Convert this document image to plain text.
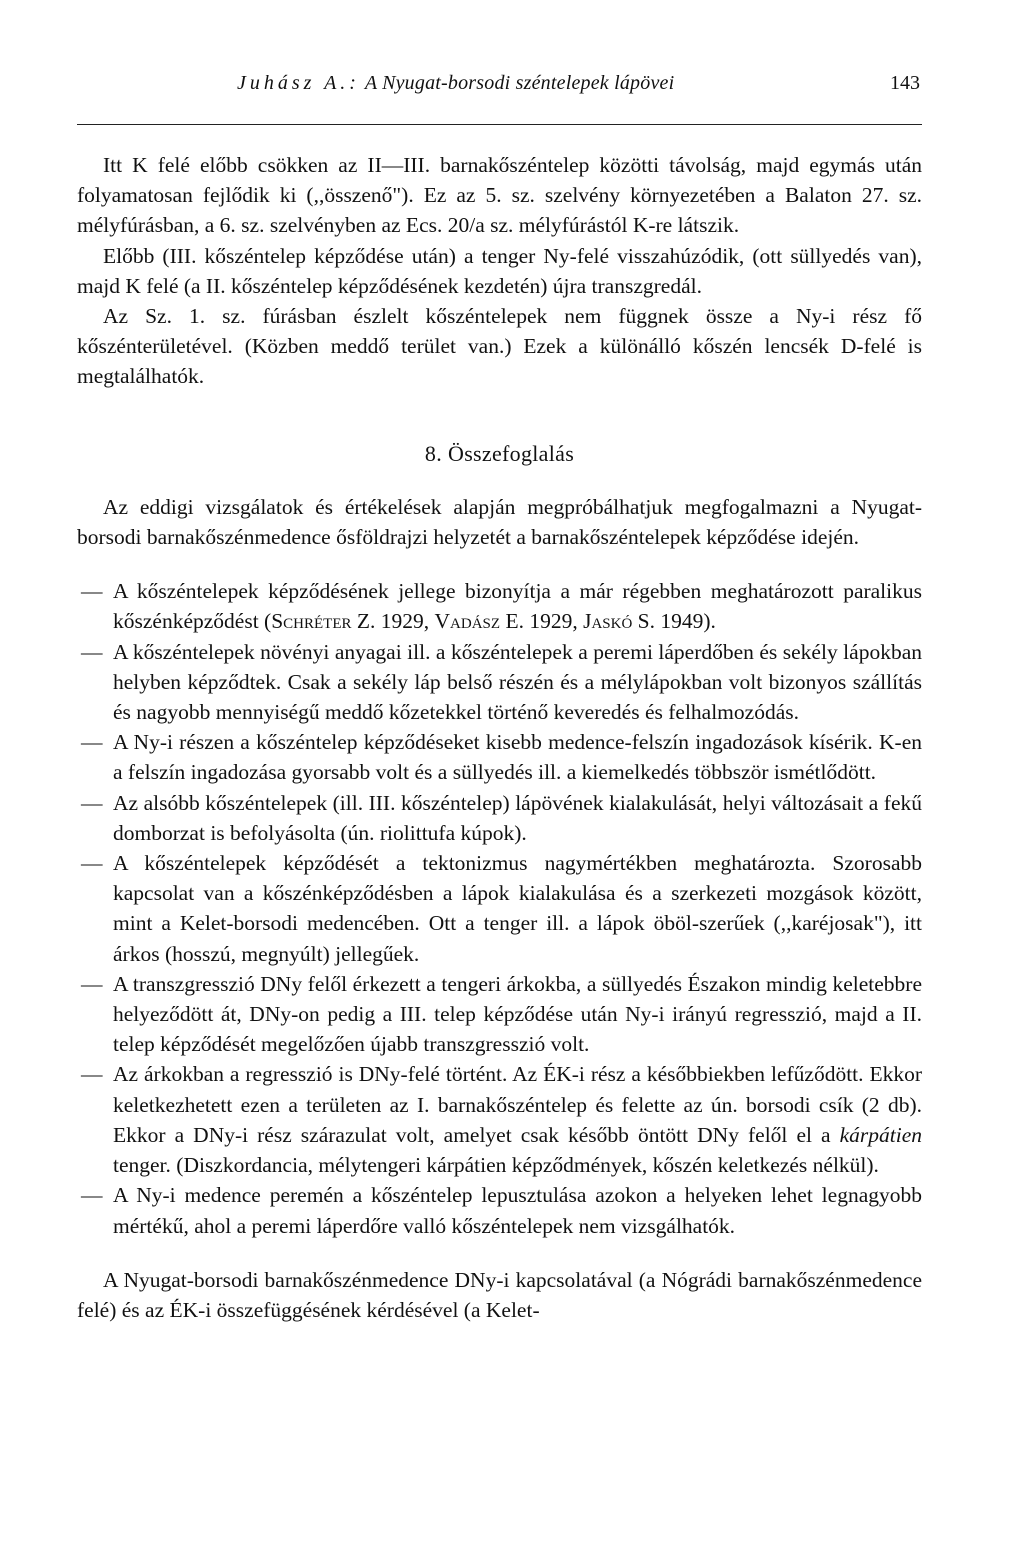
Juhász A.: A Nyugat-borsodi széntelepek lápövei	143

Itt K felé előbb csökken az II—III. barnakőszéntelep közötti távolság, majd egymás után folyamatosan fejlődik ki (,,összenő"). Ez az 5. sz. szelvény környezetében a Balaton 27. sz. mélyfúrásban, a 6. sz. szelvényben az Ecs. 20/a sz. mélyfúrástól K-re látszik.

Előbb (III. kőszéntelep képződése után) a tenger Ny-felé visszahúzódik, (ott süllyedés van), majd K felé (a II. kőszéntelep képződésének kezdetén) újra transzgredál.

Az Sz. 1. sz. fúrásban észlelt kőszéntelepek nem függnek össze a Ny-i rész fő kőszénterületével. (Közben meddő terület van.) Ezek a különálló kőszén lencsék D-felé is megtalálhatók.

8. Összefoglalás

Az eddigi vizsgálatok és értékelések alapján megpróbálhatjuk megfogalmazni a Nyugat-borsodi barnakőszénmedence ősföldrajzi helyzetét a barnakőszéntelepek képződése idején.

— A kőszéntelepek képződésének jellege bizonyítja a már régebben meghatározott paralikus kőszénképződést (Schréter Z. 1929, Vadász E. 1929, Jaskó S. 1949).
— A kőszéntelepek növényi anyagai ill. a kőszéntelepek a peremi láperdőben és sekély lápokban helyben képződtek. Csak a sekély láp belső részén és a mélylápokban volt bizonyos szállítás és nagyobb mennyiségű meddő kőzetekkel történő keveredés és felhalmozódás.
— A Ny-i részen a kőszéntelep képződéseket kisebb medence-felszín ingadozások kísérik. K-en a felszín ingadozása gyorsabb volt és a süllyedés ill. a kiemelkedés többször ismétlődött.
— Az alsóbb kőszéntelepek (ill. III. kőszéntelep) lápövének kialakulását, helyi változásait a fekű domborzat is befolyásolta (ún. riolittufa kúpok).
— A kőszéntelepek képződését a tektonizmus nagymértékben meghatározta. Szorosabb kapcsolat van a kőszénképződésben a lápok kialakulása és a szerkezeti mozgások között, mint a Kelet-borsodi medencében. Ott a tenger ill. a lápok öböl-szerűek (,,karéjosak"), itt árkos (hosszú, megnyúlt) jellegűek.
— A transzgresszió DNy felől érkezett a tengeri árkokba, a süllyedés Északon mindig keletebbre helyeződött át, DNy-on pedig a III. telep képződése után Ny-i irányú regresszió, majd a II. telep képződését megelőzően újabb transzgresszió volt.
— Az árkokban a regresszió is DNy-felé történt. Az ÉK-i rész a későbbiekben lefűződött. Ekkor keletkezhetett ezen a területen az I. barnakőszéntelep és felette az ún. borsodi csík (2 db). Ekkor a DNy-i rész szárazulat volt, amelyet csak később öntött DNy felől el a kárpátien tenger. (Diszkordancia, mélytengeri kárpátien képződmények, kőszén keletkezés nélkül).
— A Ny-i medence peremén a kőszéntelep lepusztulása azokon a helyeken lehet legnagyobb mértékű, ahol a peremi láperdőre valló kőszéntelepek nem vizsgálhatók.

A Nyugat-borsodi barnakőszénmedence DNy-i kapcsolatával (a Nógrádi barnakőszénmedence felé) és az ÉK-i összefüggésének kérdésével (a Kelet-
